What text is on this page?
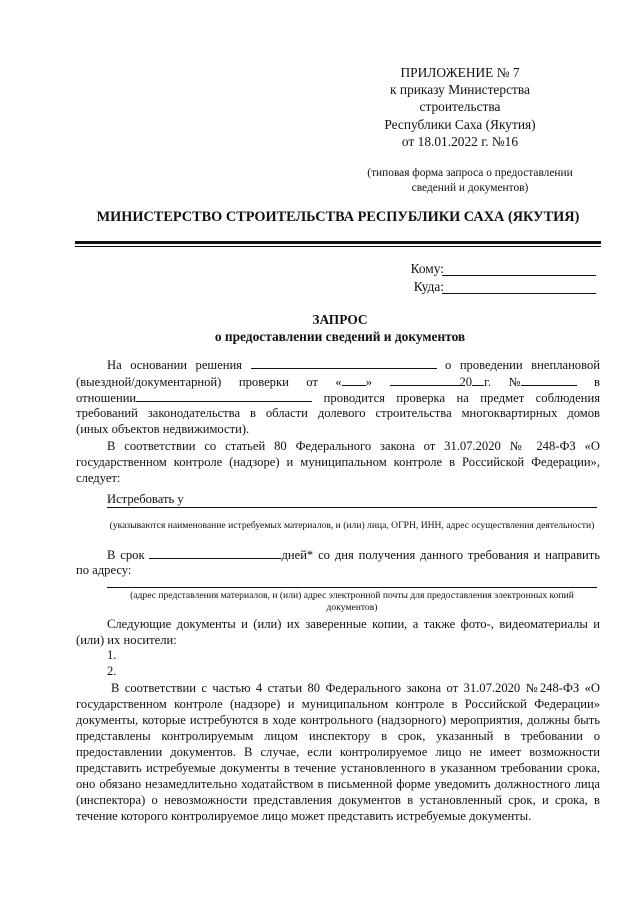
ПРИЛОЖЕНИЕ № 7
к приказу Министерства
строительства
Республики Саха (Якутия)
от 18.01.2022 г. №16
(типовая форма запроса о предоставлении
сведений и документов)
МИНИСТЕРСТВО СТРОИТЕЛЬСТВА РЕСПУБЛИКИ САХА (ЯКУТИЯ)
Кому:
Куда:
ЗАПРОС
о предоставлении сведений и документов
На основании решения	о проведении внеплановой
(выездной/документарной) проверки от « »	20 г. №	в
отношении	проводится проверка на предмет соблюдения
требований законодательства в области долевого строительства многоквартирных домов
(иных объектов недвижимости).
В соответствии со статьей 80 Федерального закона от 31.07.2020 № 248-ФЗ «О государственном контроле (надзоре) и муниципальном контроле в Российской Федерации», следует:
Истребовать у
(указываются наименование истребуемых материалов, и (или) лица, ОГРН, ИНН, адрес осуществления деятельности)
В срок	дней* со дня получения данного требования и направить
по адресу:
(адрес представления материалов, и (или) адрес электронной почты для предоставления электронных копий документов)
Следующие документы и (или) их заверенные копии, а также фото-, видеоматериалы и (или) их носители:
1.
2.
В соответствии с частью 4 статьи 80 Федерального закона от 31.07.2020 №248-ФЗ «О государственном контроле (надзоре) и муниципальном контроле в Российской Федерации» документы, которые истребуются в ходе контрольного (надзорного) мероприятия, должны быть представлены контролируемым лицом инспектору в срок, указанный в требовании о предоставлении документов. В случае, если контролируемое лицо не имеет возможности представить истребуемые документы в течение установленного в указанном требовании срока, оно обязано незамедлительно ходатайством в письменной форме уведомить должностного лица (инспектора) о невозможности представления документов в установленный срок, и срока, в течение которого контролируемое лицо может представить истребуемые документы.
